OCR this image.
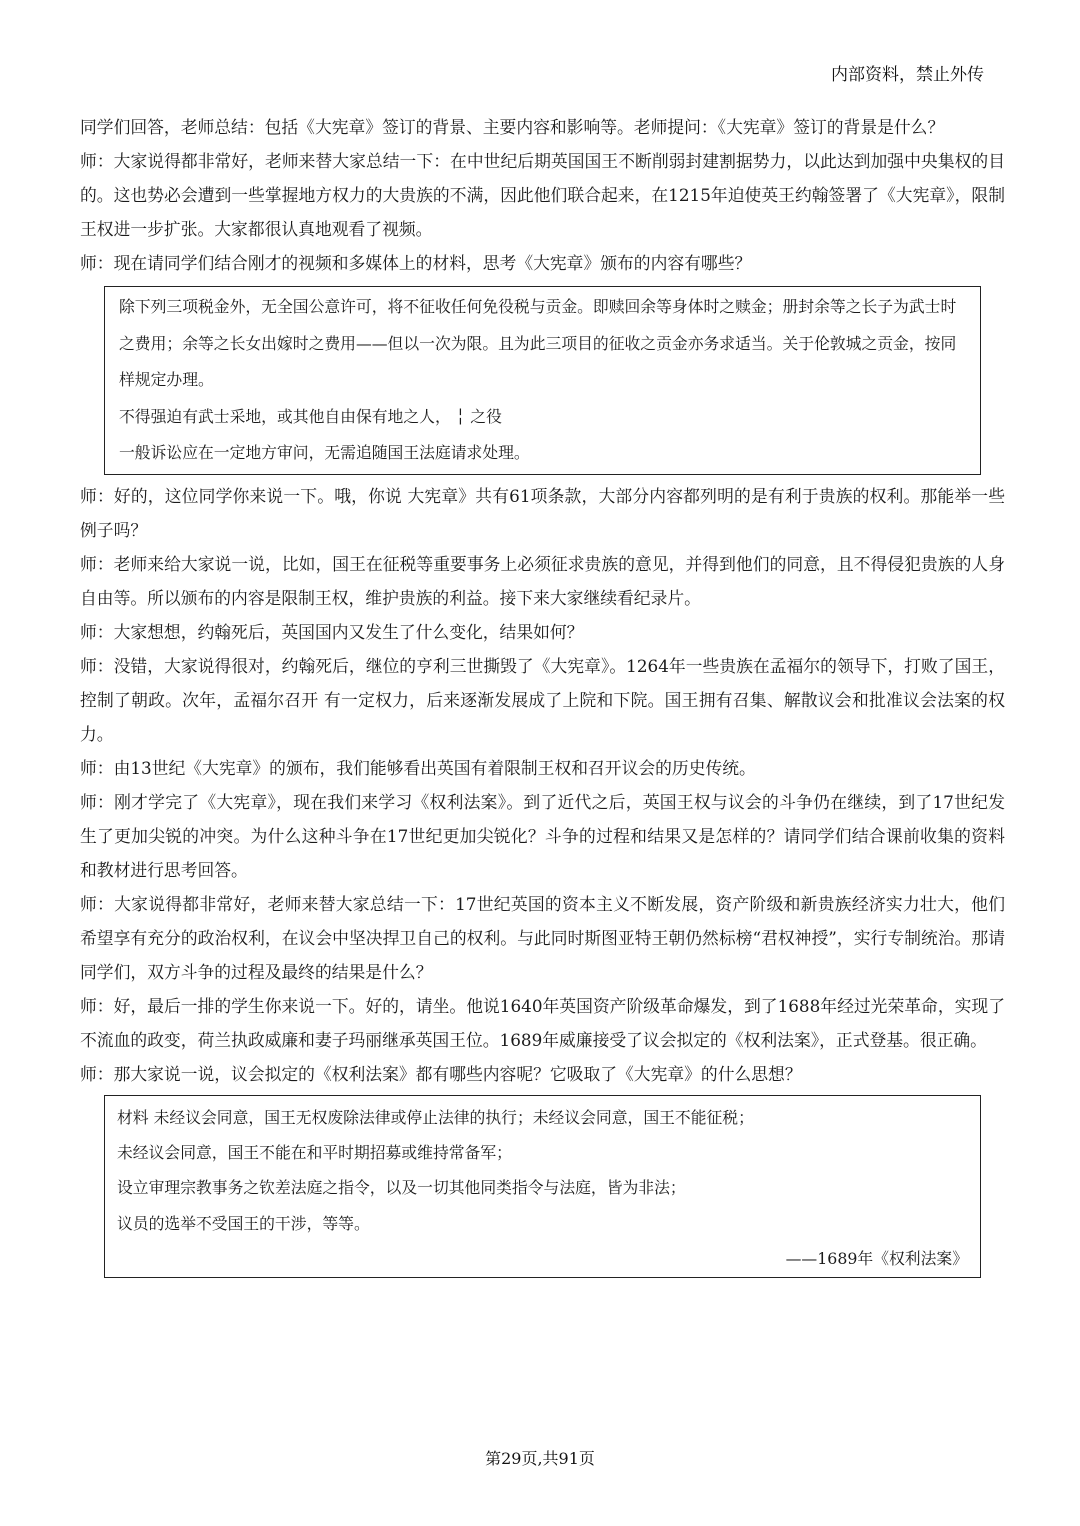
内部资料，禁止外传

同学们回答，老师总结：包括《大宪章》签订的背景、主要内容和影响等。老师提问：《大宪章》签订的背景是什么？

师：大家说得都非常好，老师来替大家总结一下：在中世纪后期英国国王不断削弱封建割据势力，以此达到加强中央集权的目的。这也势必会遭到一些掌握地方权力的大贵族的不满，因此他们联合起来，在1215年迫使英王约翰签署了《大宪章》，限制王权进一步扩张。大家都很认真地观看了视频。

师：现在请同学们结合刚才的视频和多媒体上的材料，思考《大宪章》颁布的内容有哪些？

除下列三项税金外，无全国公意许可，将不征收任何免役税与贡金。即赎回余等身体时之赎金；册封余等之长子为武士时之费用；余等之长女出嫁时之费用——但以一次为限。且为此三项目的征收之贡金亦务求适当。关于伦敦城之贡金，按同样规定办理。

不得强迫有武士采地，或其他自由保有地之人， ╎ 之役

一般诉讼应在一定地方审问，无需追随国王法庭请求处理。

师：好的，这位同学你来说一下。哦，你说 大宪章》共有61项条款，大部分内容都列明的是有利于贵族的权利。那能举一些例子吗？

师：老师来给大家说一说，比如，国王在征税等重要事务上必须征求贵族的意见，并得到他们的同意，且不得侵犯贵族的人身自由等。所以颁布的内容是限制王权，维护贵族的利益。接下来大家继续看纪录片。

师：大家想想，约翰死后，英国国内又发生了什么变化，结果如何？

师：没错，大家说得很对，约翰死后，继位的亨利三世撕毁了《大宪章》。1264年一些贵族在孟福尔的领导下，打败了国王，控制了朝政。次年，孟福尔召开 有一定权力，后来逐渐发展成了上院和下院。国王拥有召集、解散议会和批准议会法案的权力。

师：由13世纪《大宪章》的颁布，我们能够看出英国有着限制王权和召开议会的历史传统。

师：刚才学完了《大宪章》，现在我们来学习《权利法案》。到了近代之后，英国王权与议会的斗争仍在继续，到了17世纪发生了更加尖锐的冲突。为什么这种斗争在17世纪更加尖锐化？斗争的过程和结果又是怎样的？请同学们结合课前收集的资料和教材进行思考回答。

师：大家说得都非常好，老师来替大家总结一下：17世纪英国的资本主义不断发展，资产阶级和新贵族经济实力壮大，他们希望享有充分的政治权利，在议会中坚决捍卫自己的权利。与此同时斯图亚特王朝仍然标榜“君权神授”，实行专制统治。那请同学们，双方斗争的过程及最终的结果是什么？

师：好，最后一排的学生你来说一下。好的，请坐。他说1640年英国资产阶级革命爆发，到了1688年经过光荣革命，实现了不流血的政变，荷兰执政威廉和妻子玛丽继承英国王位。1689年威廉接受了议会拟定的《权利法案》，正式登基。很正确。

师：那大家说一说，议会拟定的《权利法案》都有哪些内容呢？它吸取了《大宪章》的什么思想？

材料 未经议会同意，国王无权废除法律或停止法律的执行；未经议会同意，国王不能征税；

未经议会同意，国王不能在和平时期招募或维持常备军；

设立审理宗教事务之钦差法庭之指令，以及一切其他同类指令与法庭，皆为非法；

议员的选举不受国王的干涉，等等。

——1689年《权利法案》

第29页,共91页
